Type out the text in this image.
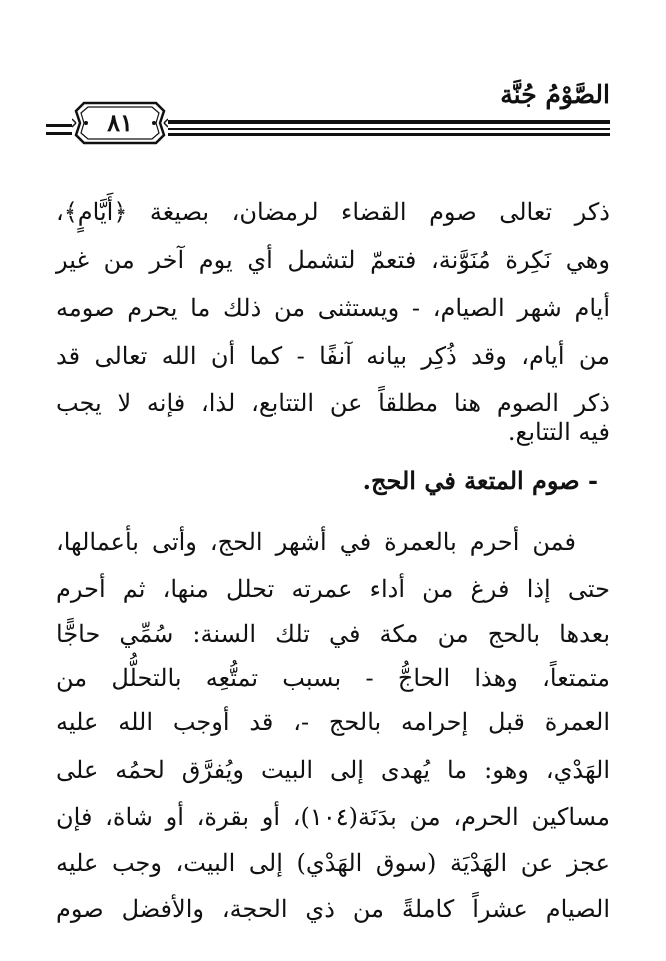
الصَّوْمُ جُنَّة
٨١
ذكر تعالى صوم القضاء لرمضان، بصيغة ﴿أَيَّامٍ﴾،
وهي نَكِرة مُنَوَّنة، فتعمّ لتشمل أي يوم آخر من غير
أيام شهر الصيام، - ويستثنى من ذلك ما يحرم صومه
من أيام، وقد ذُكِر بيانه آنفًا - كما أن الله تعالى قد
ذكر الصوم هنا مطلقاً عن التتابع، لذا، فإنه لا يجب
فيه التتابع.
- صوم المتعة في الحج.
فمن أحرم بالعمرة في أشهر الحج، وأتى بأعمالها،
حتى إذا فرغ من أداء عمرته تحلل منها، ثم أحرم
بعدها بالحج من مكة في تلك السنة: سُمِّي حاجًّا
متمتعاً، وهذا الحاجُّ - بسبب تمتُّعِه بالتحلُّل من
العمرة قبل إحرامه بالحج -، قد أوجب الله عليه
الهَدْي، وهو: ما يُهدى إلى البيت ويُفرَّق لحمُه على
مساكين الحرم، من بدَنَة(١٠٤)، أو بقرة، أو شاة، فإن
عجز عن الهَدْيَة (سوق الهَدْي) إلى البيت، وجب عليه
الصيام عشراً كاملةً من ذي الحجة، والأفضل صوم
